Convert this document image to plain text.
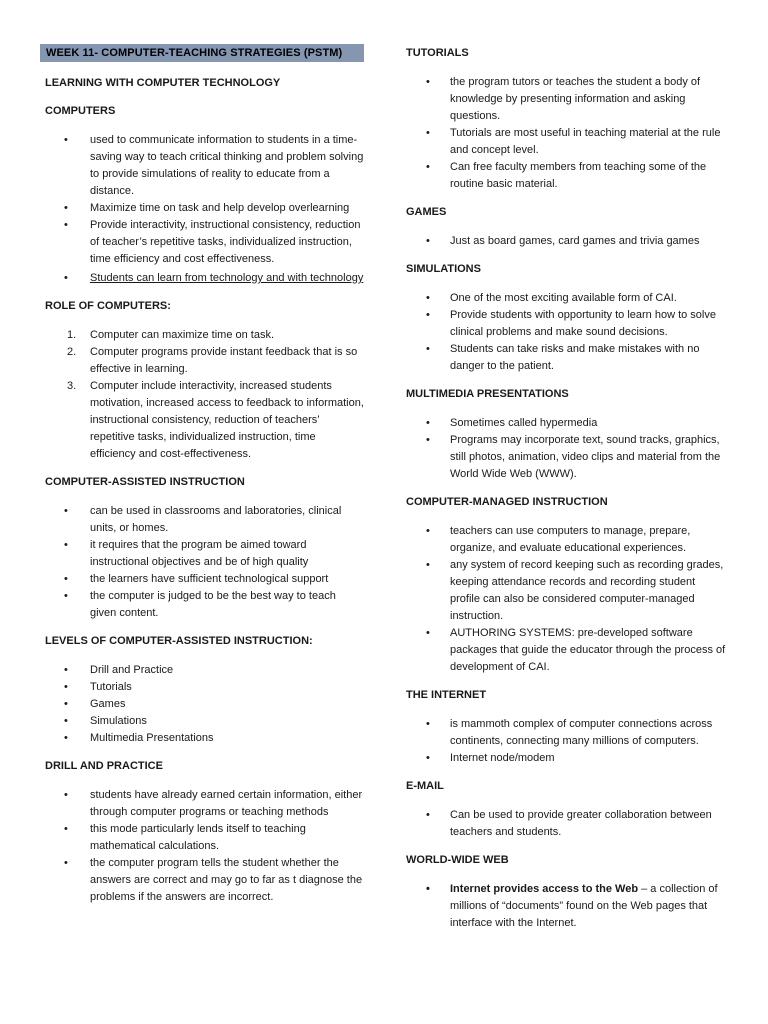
WEEK 11- COMPUTER-TEACHING STRATEGIES (PSTM)
LEARNING WITH COMPUTER TECHNOLOGY
COMPUTERS
• used to communicate information to students in a time-saving way to teach critical thinking and problem solving to provide simulations of reality to educate from a distance.
• Maximize time on task and help develop overlearning
• Provide interactivity, instructional consistency, reduction of teacher’s repetitive tasks, individualized instruction, time efficiency and cost effectiveness.
• Students can learn from technology and with technology
ROLE OF COMPUTERS:
1. Computer can maximize time on task.
2. Computer programs provide instant feedback that is so effective in learning.
3. Computer include interactivity, increased students motivation, increased access to feedback to information, instructional consistency, reduction of teachers’ repetitive tasks, individualized instruction, time efficiency and cost-effectiveness.
COMPUTER-ASSISTED INSTRUCTION
• can be used in classrooms and laboratories, clinical units, or homes.
• it requires that the program be aimed toward instructional objectives and be of high quality
• the learners have sufficient technological support
• the computer is judged to be the best way to teach given content.
LEVELS OF COMPUTER-ASSISTED INSTRUCTION:
• Drill and Practice
• Tutorials
• Games
• Simulations
• Multimedia Presentations
DRILL AND PRACTICE
• students have already earned certain information, either through computer programs or teaching methods
• this mode particularly lends itself to teaching mathematical calculations.
• the computer program tells the student whether the answers are correct and may go to far as t diagnose the problems if the answers are incorrect.
TUTORIALS
• the program tutors or teaches the student a body of knowledge by presenting information and asking questions.
• Tutorials are most useful in teaching material at the rule and concept level.
• Can free faculty members from teaching some of the routine basic material.
GAMES
• Just as board games, card games and trivia games
SIMULATIONS
• One of the most exciting available form of CAI.
• Provide students with opportunity to learn how to solve clinical problems and make sound decisions.
• Students can take risks and make mistakes with no danger to the patient.
MULTIMEDIA PRESENTATIONS
• Sometimes called hypermedia
• Programs may incorporate text, sound tracks, graphics, still photos, animation, video clips and material from the World Wide Web (WWW).
COMPUTER-MANAGED INSTRUCTION
• teachers can use computers to manage, prepare, organize, and evaluate educational experiences.
• any system of record keeping such as recording grades, keeping attendance records and recording student profile can also be considered computer-managed instruction.
• AUTHORING SYSTEMS: pre-developed software packages that guide the educator through the process of development of CAI.
THE INTERNET
• is mammoth complex of computer connections across continents, connecting many millions of computers.
• Internet node/modem
E-MAIL
• Can be used to provide greater collaboration between teachers and students.
WORLD-WIDE WEB
• Internet provides access to the Web – a collection of millions of “documents” found on the Web pages that interface with the Internet.
